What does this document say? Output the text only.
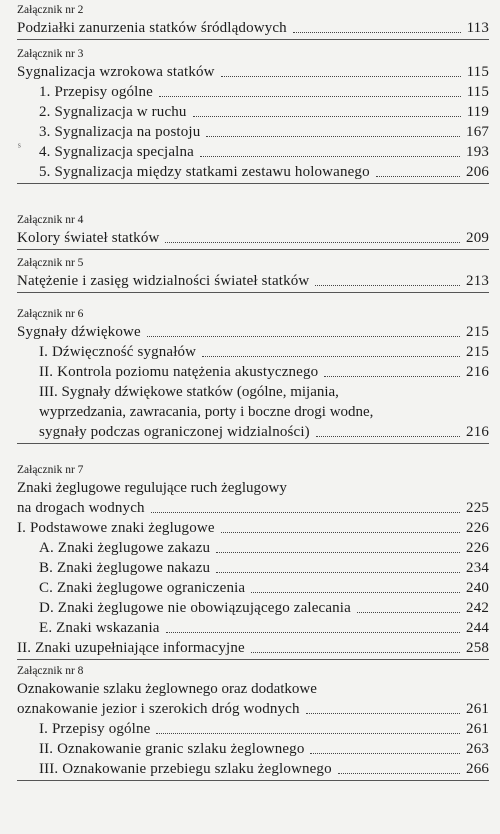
Załącznik nr 2
Podziałki zanurzenia statków śródlądowych	113
Załącznik nr 3
Sygnalizacja wzrokowa statków	115
1. Przepisy ogólne	115
2. Sygnalizacja w ruchu	119
3. Sygnalizacja na postoju	167
4. Sygnalizacja specjalna	193
5. Sygnalizacja między statkami zestawu holowanego	206
Załącznik nr 4
Kolory świateł statków	209
Załącznik nr 5
Natężenie i zasięg widzialności świateł statków	213
Załącznik nr 6
Sygnały dźwiękowe	215
I. Dźwięczność sygnałów	215
II. Kontrola poziomu natężenia akustycznego	216
III. Sygnały dźwiękowe statków (ogólne, mijania,
wyprzedzania, zawracania, porty i boczne drogi wodne,
sygnały podczas ograniczonej widzialności)	216
Załącznik nr 7
Znaki żeglugowe regulujące ruch żeglugowy
na drogach wodnych	225
I. Podstawowe znaki żeglugowe	226
A. Znaki żeglugowe zakazu	226
B. Znaki żeglugowe nakazu	234
C. Znaki żeglugowe ograniczenia	240
D. Znaki żeglugowe nie obowiązującego zalecania	242
E. Znaki wskazania	244
II. Znaki uzupełniające informacyjne	258
Załącznik nr 8
Oznakowanie szlaku żeglownego oraz dodatkowe
oznakowanie jezior i szerokich dróg wodnych	261
I. Przepisy ogólne	261
II. Oznakowanie granic szlaku żeglownego	263
III. Oznakowanie przebiegu szlaku żeglownego	266
ˢ
